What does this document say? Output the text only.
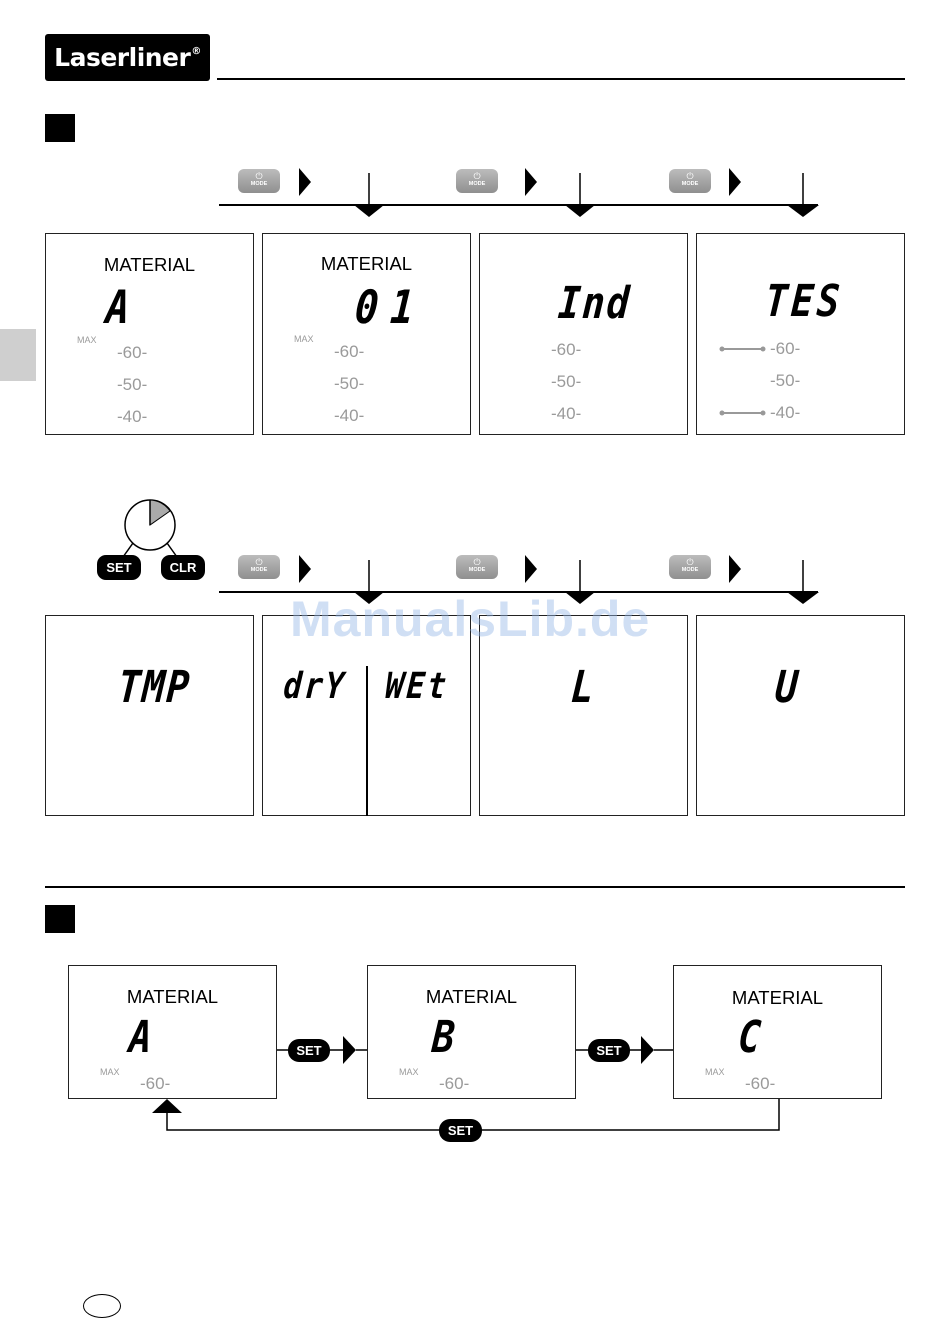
Laserliner®
⏻
MODE
⏻
MODE
⏻
MODE
MATERIAL
A
MAX
-60-
-50-
-40-
MATERIAL
01
MAX
-60-
-50-
-40-
Ind
-60-
-50-
-40-
TES
-60-
-50-
-40-
SET	CLR	⏻
MODE
⏻
MODE
⏻
MODE
TMP drY WEt	L	U
ManualsLib.de
SET	SET
SET
MATERIAL
A
MAX
-60-
MATERIAL
B
MAX
-60-
MATERIAL
C
MAX
-60-
